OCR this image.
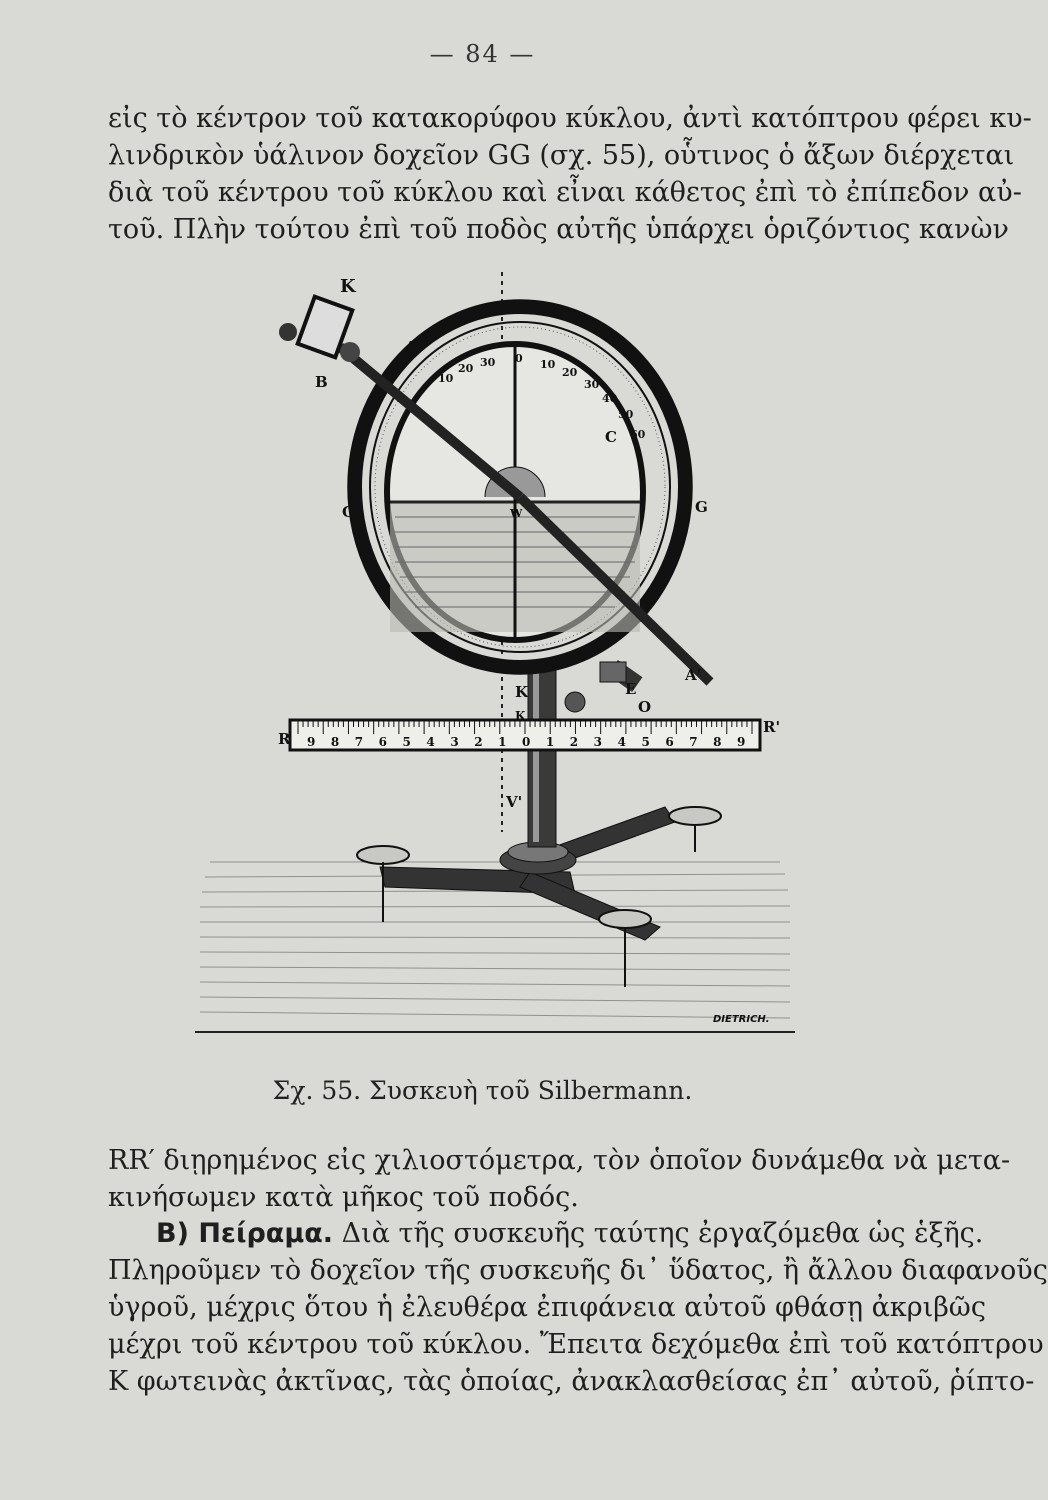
— 84 —
εἰς τὸ κέντρον τοῦ κατακορύφου κύκλου, ἀντὶ κατόπτρου φέρει κυ-
λινδρικὸν ὑάλινον δοχεῖον GG (σχ. 55), οὗτινος ὁ ἄξων διέρχεται
διὰ τοῦ κέντρου τοῦ κύκλου καὶ εἶναι κάθετος ἐπὶ τὸ ἐπίπεδον αὐ-
τοῦ. Πλὴν τούτου ἐπὶ τοῦ ποδὸς αὐτῆς ὑπάρχει ὁριζόντιος κανὼν
10
20 30 0 10
20
30
40
50
60
9 8 7 6 5 4 3 2 1 0 1 2 3 4 5 6 7 8 9
K
A
B
C
G	G
W
K
K
A'
E
O
R
R'
V'
DIETRICH.
Σχ. 55. Συσκευὴ τοῦ Silbermann.
RR′ διῃρημένος εἰς χιλιοστόμετρα, τὸν ὁποῖον δυνάμεθα νὰ μετα-
κινήσωμεν κατὰ μῆκος τοῦ ποδός.
B) Πείραμα. Διὰ τῆς συσκευῆς ταύτης ἐργαζόμεθα ὡς ἑξῆς.
Πληροῦμεν τὸ δοχεῖον τῆς συσκευῆς δι᾽ ὕδατος, ἢ ἄλλου διαφανοῦς
ὑγροῦ, μέχρις ὅτου ἡ ἐλευθέρα ἐπιφάνεια αὐτοῦ φθάσῃ ἀκριβῶς
μέχρι τοῦ κέντρου τοῦ κύκλου. Ἔπειτα δεχόμεθα ἐπὶ τοῦ κατόπτρου
Κ φωτεινὰς ἀκτῖνας, τὰς ὁποίας, ἀνακλασθείσας ἐπ᾽ αὐτοῦ, ῥίπτο-
